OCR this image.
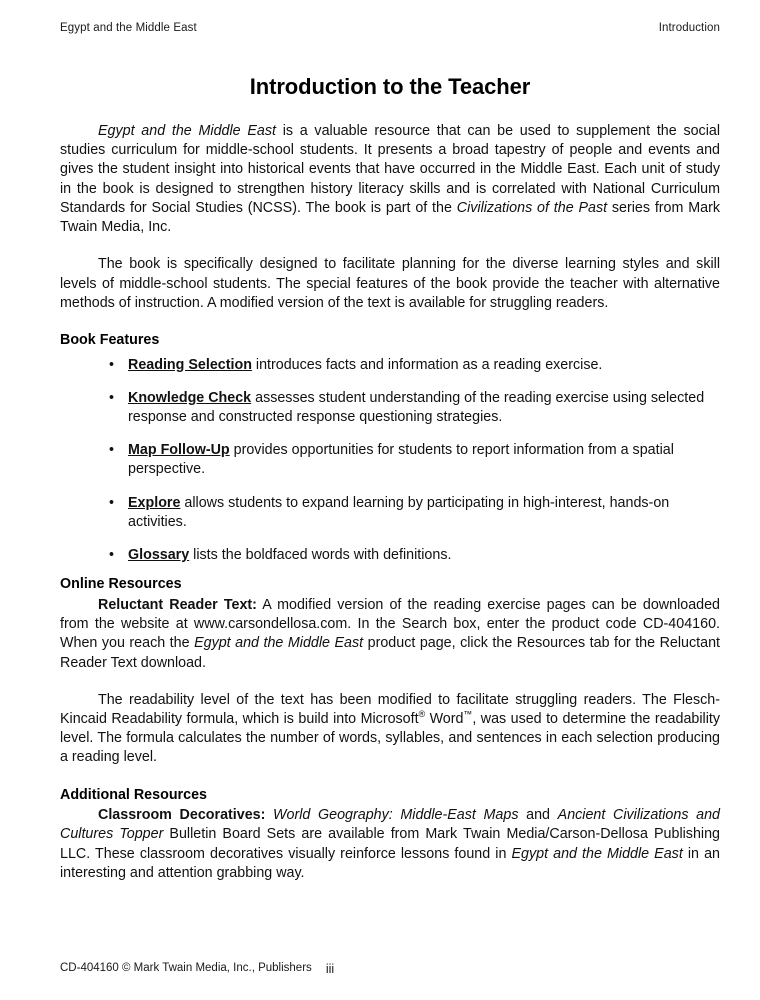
Egypt and the Middle East	Introduction
Introduction to the Teacher

Egypt and the Middle East is a valuable resource that can be used to supplement the social studies curriculum for middle-school students. It presents a broad tapestry of people and events and gives the student insight into historical events that have occurred in the Middle East. Each unit of study in the book is designed to strengthen history literacy skills and is correlated with National Curriculum Standards for Social Studies (NCSS). The book is part of the Civilizations of the Past series from Mark Twain Media, Inc.

The book is specifically designed to facilitate planning for the diverse learning styles and skill levels of middle-school students. The special features of the book provide the teacher with alternative methods of instruction. A modified version of the text is available for struggling readers.

Book Features
• Reading Selection introduces facts and information as a reading exercise.
• Knowledge Check assesses student understanding of the reading exercise using selected response and constructed response questioning strategies.
• Map Follow-Up provides opportunities for students to report information from a spatial perspective.
• Explore allows students to expand learning by participating in high-interest, hands-on activities.
• Glossary lists the boldfaced words with definitions.
Online Resources

Reluctant Reader Text: A modified version of the reading exercise pages can be downloaded from the website at www.carsondellosa.com. In the Search box, enter the product code CD-404160. When you reach the Egypt and the Middle East product page, click the Resources tab for the Reluctant Reader Text download.

The readability level of the text has been modified to facilitate struggling readers. The Flesch-Kincaid Readability formula, which is build into Microsoft® Word™, was used to determine the readability level. The formula calculates the number of words, syllables, and sentences in each selection producing a reading level.

Additional Resources

Classroom Decoratives: World Geography: Middle-East Maps and Ancient Civilizations and Cultures Topper Bulletin Board Sets are available from Mark Twain Media/Carson-Dellosa Publishing LLC. These classroom decoratives visually reinforce lessons found in Egypt and the Middle East in an interesting and attention grabbing way.

CD-404160 © Mark Twain Media, Inc., Publishers	iii
